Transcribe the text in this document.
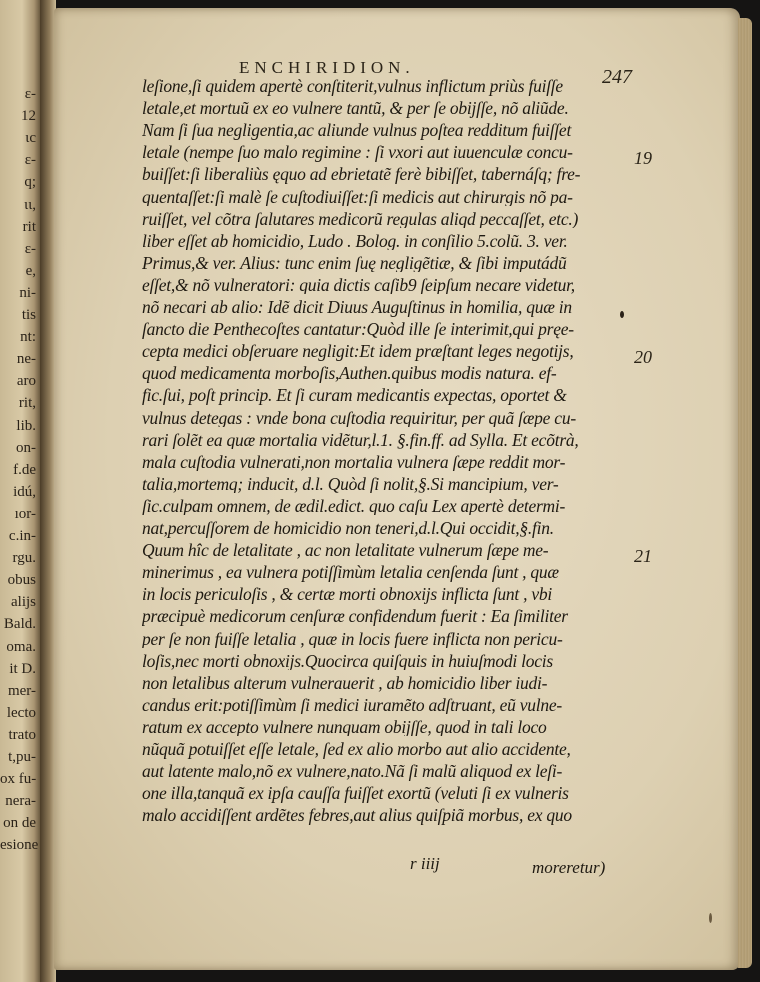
ε-
12
ιc
ε-
q;
ιι,
rit
ε-
e,
ni-
tis
nt:
ne-
aro
rit,
lib.
on-
f.de
idú,
ıor-
c.in-
rgu.
obus
alijs
Bald.
oma.
it D.
mer-
lecto
trato
t,pu-
ox fu-
nera-
on de
esione
ENCHIRIDION.	247
leſione,ſi quidem apertè conſtiterit,vulnus inflictum priùs fuiſſe
letale,et mortuũ ex eo vulnere tantũ, & per ſe obijſſe, nõ aliũde.
Nam ſi ſua negligentia,ac aliunde vulnus poſtea redditum fuiſſet
letale (nempe ſuo malo regimine : ſi vxori aut iuuenculæ concu-
buiſſet:ſi liberaliùs ęquo ad ebrietatẽ ferè bibiſſet, tabernáſq; fre-
quentaſſet:ſi malè ſe cuſtodiuiſſet:ſi medicis aut chirurgis nõ pa-
ruiſſet, vel cõtra ſalutares medicorũ regulas aliqd peccaſſet, etc.)
liber eſſet ab homicidio, Ludo . Bolog. in conſilio 5.colũ. 3. ver.
Primus,& ver. Alius: tunc enim ſuę negligẽtiæ, & ſibi imputádũ
eſſet,& nõ vulneratori: quia dictis caſib9 ſeipſum necare videtur,
nõ necari ab alio: Idẽ dicit Diuus Auguſtinus in homilia, quæ in
ſancto die Penthecoſtes cantatur:Quòd ille ſe interimit,qui pręe-
cepta medici obſeruare negligit:Et idem præſtant leges negotijs,
quod medicamenta morboſis,Authen.quibus modis natura. ef-
fic.ſui, poſt princip. Et ſi curam medicantis expectas, oportet &
vulnus detegas : vnde bona cuſtodia requiritur, per quã ſæpe cu-
rari ſolẽt ea quæ mortalia vidẽtur,l.1. §.fin.ff. ad Sylla. Et ecõtrà,
mala cuſtodia vulnerati,non mortalia vulnera ſæpe reddit mor-
talia,mortemq; inducit, d.l. Quòd ſi nolit,§.Si mancipium, ver-
ſic.culpam omnem, de ædil.edict. quo caſu Lex apertè determi-
nat,percuſſorem de homicidio non teneri,d.l.Qui occidit,§.fin.
Quum hîc de letalitate , ac non letalitate vulnerum ſæpe me-
minerimus , ea vulnera potiſſimùm letalia cenſenda ſunt , quæ
in locis periculoſis , & certæ morti obnoxijs inflicta ſunt , vbi
præcipuè medicorum cenſuræ confidendum fuerit : Ea ſimiliter
per ſe non fuiſſe letalia , quæ in locis fuere inflicta non pericu-
loſis,nec morti obnoxijs.Quocirca quiſquis in huiuſmodi locis
non letalibus alterum vulnerauerit , ab homicidio liber iudi-
candus erit:potiſſimùm ſi medici iuramẽto adſtruant, eũ vulne-
ratum ex accepto vulnere nunquam obijſſe, quod in tali loco
nũquã potuiſſet eſſe letale, ſed ex alio morbo aut alio accidente,
aut latente malo,nõ ex vulnere,nato.Nã ſi malũ aliquod ex leſi-
one illa,tanquã ex ipſa cauſſa fuiſſet exortũ (veluti ſi ex vulneris
malo accidiſſent ardẽtes febres,aut alius quiſpiã morbus, ex quo
19
20
21
r iiij	moreretur)
